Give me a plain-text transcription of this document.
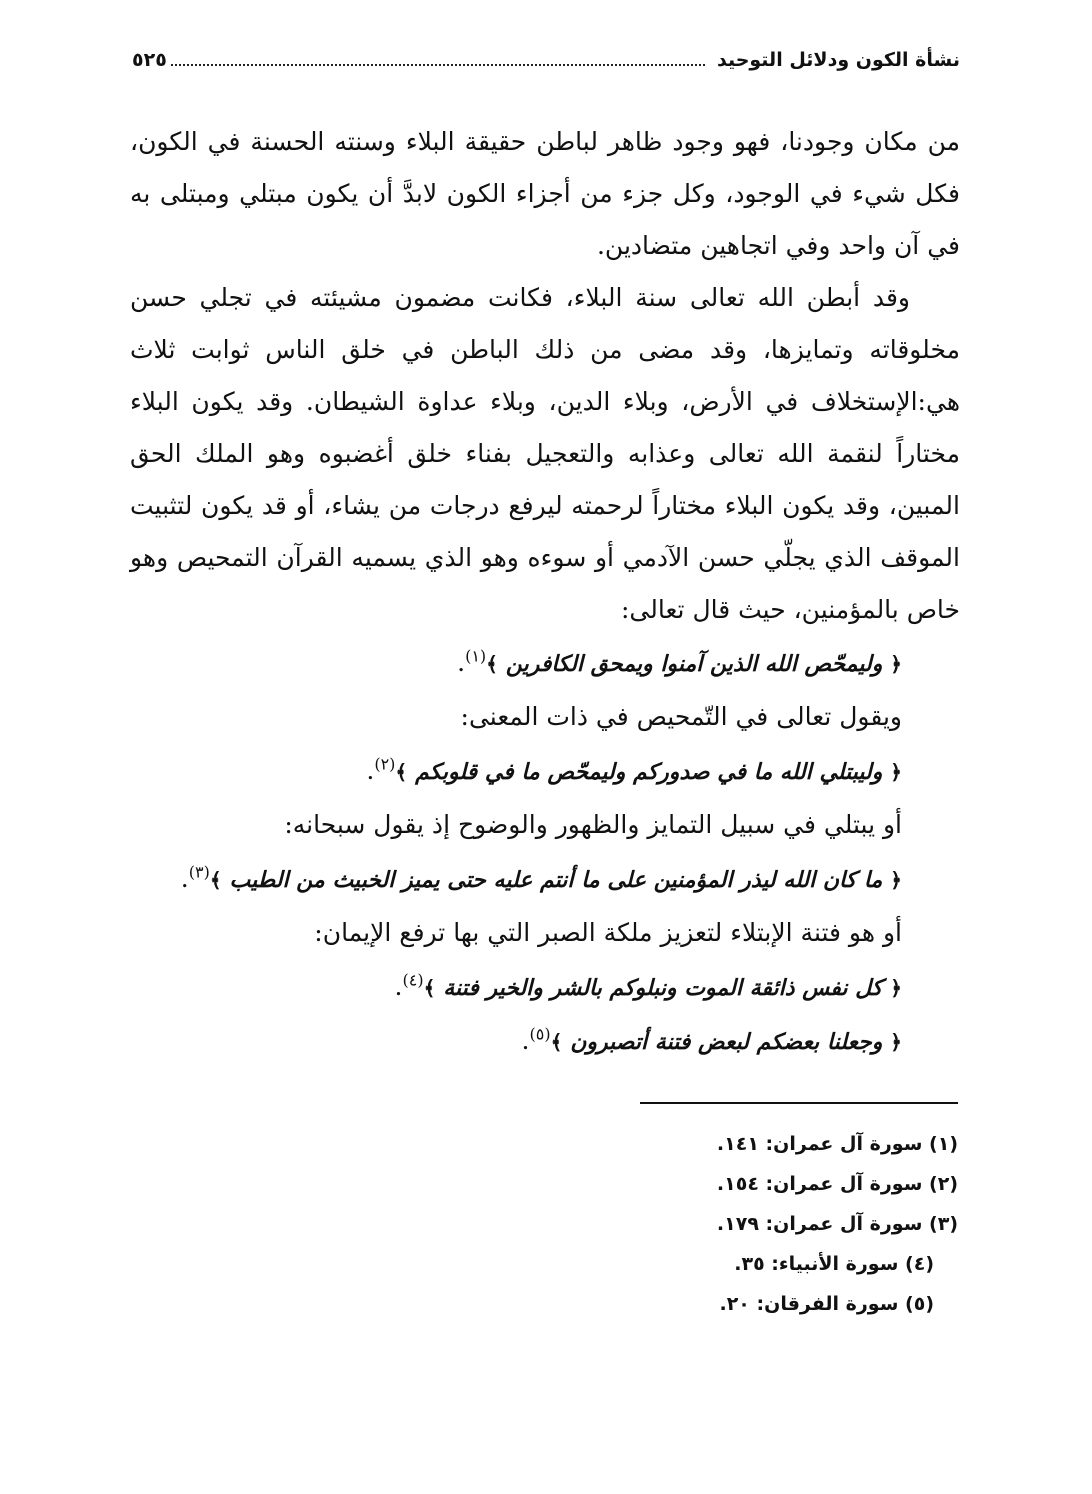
نشأة الكون ودلائل التوحيد
٥٢٥

من مكان وجودنا، فهو وجود ظاهر لباطن حقيقة البلاء وسنته الحسنة في الكون، فكل شيء في الوجود، وكل جزء من أجزاء الكون لابدَّ أن يكون مبتلي ومبتلى به في آن واحد وفي اتجاهين متضادين.

وقد أبطن الله تعالى سنة البلاء، فكانت مضمون مشيئته في تجلي حسن مخلوقاته وتمايزها، وقد مضى من ذلك الباطن في خلق الناس ثوابت ثلاث هي:الإستخلاف في الأرض، وبلاء الدين، وبلاء عداوة الشيطان. وقد يكون البلاء مختاراً لنقمة الله تعالى وعذابه والتعجيل بفناء خلق أغضبوه وهو الملك الحق المبين، وقد يكون البلاء مختاراً لرحمته ليرفع درجات من يشاء، أو قد يكون لتثبيت الموقف الذي يجلّي حسن الآدمي أو سوءه وهو الذي يسميه القرآن التمحيص وهو خاص بالمؤمنين، حيث قال تعالى:

﴿ وليمحّص الله الذين آمنوا ويمحق الكافرين ﴾$^{(١)}$.
ويقول تعالى في التّمحيص في ذات المعنى:
﴿ وليبتلي الله ما في صدوركم وليمحّص ما في قلوبكم ﴾$^{(٢)}$.
أو يبتلي في سبيل التمايز والظهور والوضوح إذ يقول سبحانه:
﴿ ما كان الله ليذر المؤمنين على ما أنتم عليه حتى يميز الخبيث من الطيب ﴾$^{(٣)}$.
أو هو فتنة الإبتلاء لتعزيز ملكة الصبر التي بها ترفع الإيمان:
﴿ كل نفس ذائقة الموت ونبلوكم بالشر والخير فتنة ﴾$^{(٤)}$.
﴿ وجعلنا بعضكم لبعض فتنة أتصبرون ﴾$^{(٥)}$.
(١) سورة آل عمران: ١٤١.
(٢) سورة آل عمران: ١٥٤.
(٣) سورة آل عمران: ١٧٩.
(٤) سورة الأنبياء: ٣٥.
(٥) سورة الفرقان: ٢٠.
